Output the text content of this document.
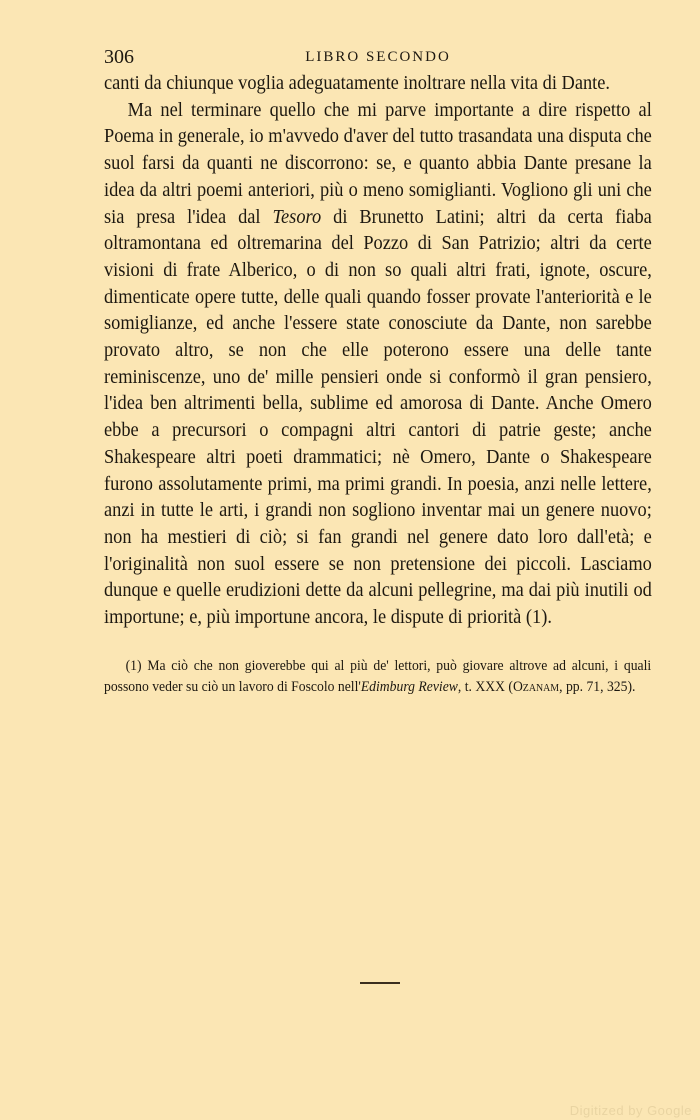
306	LIBRO SECONDO

canti da chiunque voglia adeguatamente inoltrare nella vita di Dante.

Ma nel terminare quello che mi parve importante a dire rispetto al Poema in generale, io m'avvedo d'aver del tutto trasandata una disputa che suol farsi da quanti ne discorrono: se, e quanto abbia Dante presane la idea da altri poemi anteriori, più o meno somiglianti. Vogliono gli uni che sia presa l'idea dal Tesoro di Brunetto Latini; altri da certa fiaba oltramontana ed oltremarina del Pozzo di San Patrizio; altri da certe visioni di frate Alberico, o di non so quali altri frati, ignote, oscure, dimenticate opere tutte, delle quali quando fosser provate l'anteriorità e le somiglianze, ed anche l'essere state conosciute da Dante, non sarebbe provato altro, se non che elle poterono essere una delle tante reminiscenze, uno de' mille pensieri onde si conformò il gran pensiero, l'idea ben altrimenti bella, sublime ed amorosa di Dante. Anche Omero ebbe a precursori o compagni altri cantori di patrie geste; anche Shakespeare altri poeti drammatici; nè Omero, Dante o Shakespeare furono assolutamente primi, ma primi grandi. In poesia, anzi nelle lettere, anzi in tutte le arti, i grandi non sogliono inventar mai un genere nuovo; non ha mestieri di ciò; si fan grandi nel genere dato loro dall'età; e l'originalità non suol essere se non pretensione dei piccoli. Lasciamo dunque e quelle erudizioni dette da alcuni pellegrine, ma dai più inutili od importune; e, più importune ancora, le dispute di priorità (1).

(1) Ma ciò che non gioverebbe qui al più de' lettori, può giovare altrove ad alcuni, i quali possono veder su ciò un lavoro di Foscolo nell'Edimburg Review, t. XXX (Ozanam, pp. 71, 325).

Digitized by Google
